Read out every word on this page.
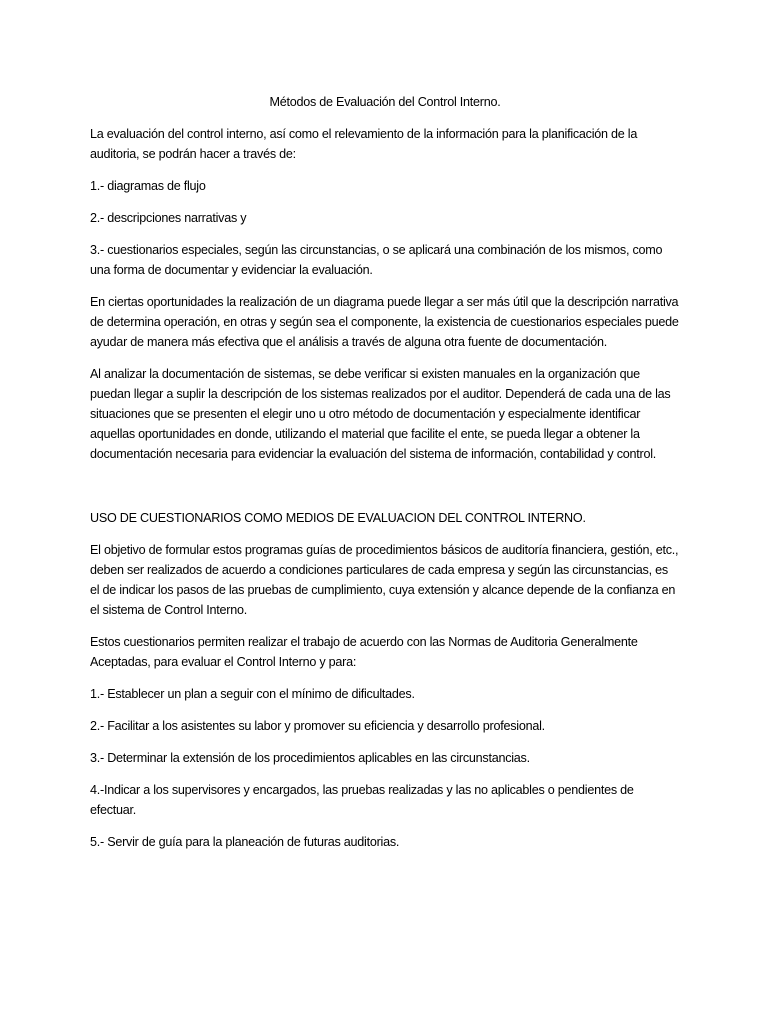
Métodos de Evaluación del Control Interno.

La evaluación del control interno, así como el relevamiento de la información para la planificación de la auditoria, se podrán hacer a través de:

1.- diagramas de flujo

2.- descripciones narrativas y

3.- cuestionarios especiales, según las circunstancias, o se aplicará una combinación de los mismos, como una forma de documentar y evidenciar la evaluación.

En ciertas oportunidades la realización de un diagrama puede llegar a ser más útil que la descripción narrativa de determina operación, en otras y según sea el componente, la existencia de cuestionarios especiales puede ayudar de manera más efectiva que el análisis a través de alguna otra fuente de documentación.

Al analizar la documentación de sistemas, se debe verificar si existen manuales en la organización que puedan llegar a suplir la descripción de los sistemas realizados por el auditor. Dependerá de cada una de las situaciones que se presenten el elegir uno u otro método de documentación y especialmente identificar aquellas oportunidades en donde, utilizando el material que facilite el ente, se pueda llegar a obtener la documentación necesaria para evidenciar la evaluación del sistema de información, contabilidad y control.

USO DE CUESTIONARIOS COMO MEDIOS DE EVALUACION DEL CONTROL INTERNO.

El objetivo de formular estos programas guías de procedimientos básicos de auditoría financiera, gestión, etc., deben ser realizados de acuerdo a condiciones particulares de cada empresa y según las circunstancias, es el de indicar los pasos de las pruebas de cumplimiento, cuya extensión y alcance depende de la confianza en el sistema de Control Interno.

Estos cuestionarios permiten realizar el trabajo de acuerdo con las Normas de Auditoria Generalmente Aceptadas, para evaluar el Control Interno y para:

1.- Establecer un plan a seguir con el mínimo de dificultades.

2.- Facilitar a los asistentes su labor y promover su eficiencia y desarrollo profesional.

3.- Determinar la extensión de los procedimientos aplicables en las circunstancias.

4.-Indicar a los supervisores y encargados, las pruebas realizadas y las no aplicables o pendientes de efectuar.

5.- Servir de guía para la planeación de futuras auditorias.
